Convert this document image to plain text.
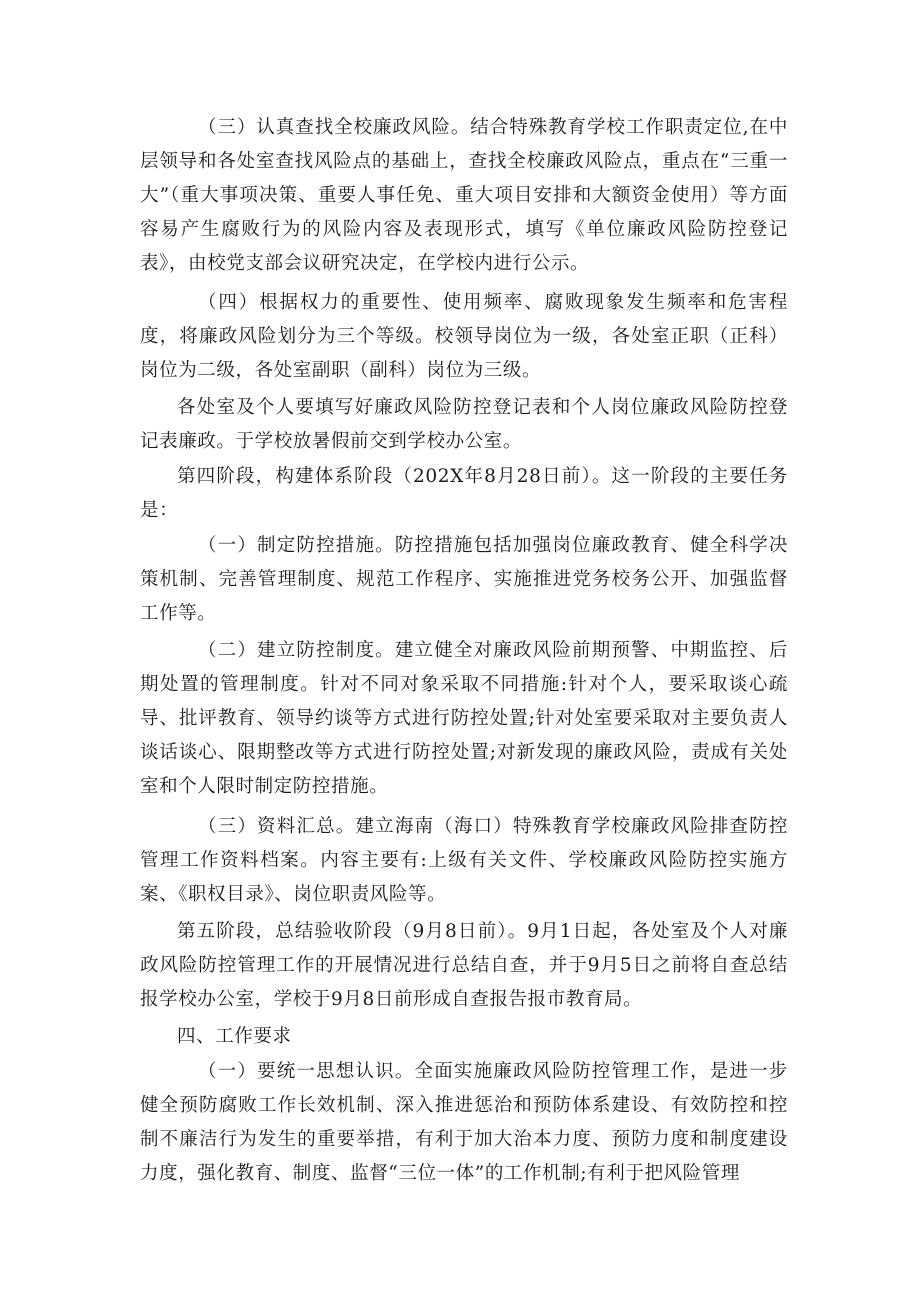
（三）认真查找全校廉政风险。结合特殊教育学校工作职责定位,在中层领导和各处室查找风险点的基础上，查找全校廉政风险点，重点在“三重一大”（重大事项决策、重要人事任免、重大项目安排和大额资金使用）等方面容易产生腐败行为的风险内容及表现形式，填写《单位廉政风险防控登记表》，由校党支部会议研究决定，在学校内进行公示。

（四）根据权力的重要性、使用频率、腐败现象发生频率和危害程度，将廉政风险划分为三个等级。校领导岗位为一级，各处室正职（正科）岗位为二级，各处室副职（副科）岗位为三级。

各处室及个人要填写好廉政风险防控登记表和个人岗位廉政风险防控登记表廉政。于学校放暑假前交到学校办公室。

第四阶段，构建体系阶段（202X年8月28日前）。这一阶段的主要任务是：

（一）制定防控措施。防控措施包括加强岗位廉政教育、健全科学决策机制、完善管理制度、规范工作程序、实施推进党务校务公开、加强监督工作等。

（二）建立防控制度。建立健全对廉政风险前期预警、中期监控、后期处置的管理制度。针对不同对象采取不同措施:针对个人，要采取谈心疏导、批评教育、领导约谈等方式进行防控处置;针对处室要采取对主要负责人谈话谈心、限期整改等方式进行防控处置;对新发现的廉政风险，责成有关处室和个人限时制定防控措施。

（三）资料汇总。建立海南（海口）特殊教育学校廉政风险排查防控管理工作资料档案。内容主要有:上级有关文件、学校廉政风险防控实施方案、《职权目录》、岗位职责风险等。

第五阶段，总结验收阶段（9月8日前）。9月1日起，各处室及个人对廉政风险防控管理工作的开展情况进行总结自查，并于9月5日之前将自查总结报学校办公室，学校于9月8日前形成自查报告报市教育局。

四、工作要求

（一）要统一思想认识。全面实施廉政风险防控管理工作，是进一步健全预防腐败工作长效机制、深入推进惩治和预防体系建设、有效防控和控制不廉洁行为发生的重要举措，有利于加大治本力度、预防力度和制度建设力度，强化教育、制度、监督“三位一体”的工作机制;有利于把风险管理
